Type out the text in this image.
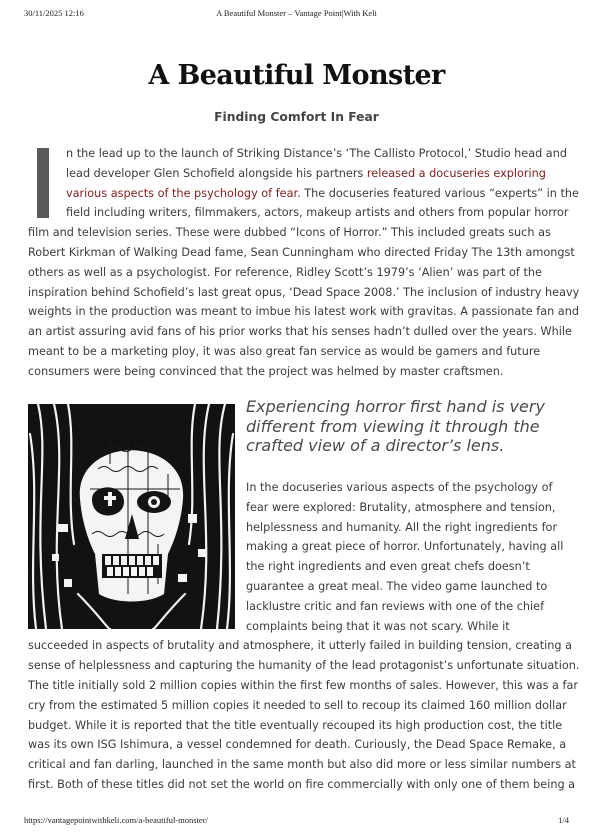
30/11/2025 12:16	A Beautiful Monster – Vantage Point|With Keli
A Beautiful Monster
Finding Comfort In Fear
n the lead up to the launch of Striking Distance’s ‘The Callisto Protocol,’ Studio head and
lead developer Glen Schofield alongside his partners released a docuseries exploring
various aspects of the psychology of fear. The docuseries featured various “experts” in the
field including writers, filmmakers, actors, makeup artists and others from popular horror
film and television series. These were dubbed “Icons of Horror.” This included greats such as
Robert Kirkman of Walking Dead fame, Sean Cunningham who directed Friday The 13th amongst
others as well as a psychologist. For reference, Ridley Scott’s 1979’s ‘Alien’ was part of the
inspiration behind Schofield’s last great opus, ‘Dead Space 2008.’ The inclusion of industry heavy
weights in the production was meant to imbue his latest work with gravitas. A passionate fan and
an artist assuring avid fans of his prior works that his senses hadn’t dulled over the years. While
meant to be a marketing ploy, it was also great fan service as would be gamers and future
consumers were being convinced that the project was helmed by master craftsmen.
Experiencing horror first hand is very
different from viewing it through the
crafted view of a director’s lens.
In the docuseries various aspects of the psychology of
fear were explored: Brutality, atmosphere and tension,
helplessness and humanity. All the right ingredients for
making a great piece of horror. Unfortunately, having all
the right ingredients and even great chefs doesn’t
guarantee a great meal. The video game launched to
lacklustre critic and fan reviews with one of the chief
complaints being that it was not scary. While it
succeeded in aspects of brutality and atmosphere, it utterly failed in building tension, creating a
sense of helplessness and capturing the humanity of the lead protagonist’s unfortunate situation.
The title initially sold 2 million copies within the first few months of sales. However, this was a far
cry from the estimated 5 million copies it needed to sell to recoup its claimed 160 million dollar
budget. While it is reported that the title eventually recouped its high production cost, the title
was its own ISG Ishimura, a vessel condemned for death. Curiously, the Dead Space Remake, a
critical and fan darling, launched in the same month but also did more or less similar numbers at
first. Both of these titles did not set the world on fire commercially with only one of them being a
https://vantagepointwithkeli.com/a-beautiful-monster/	1/4
